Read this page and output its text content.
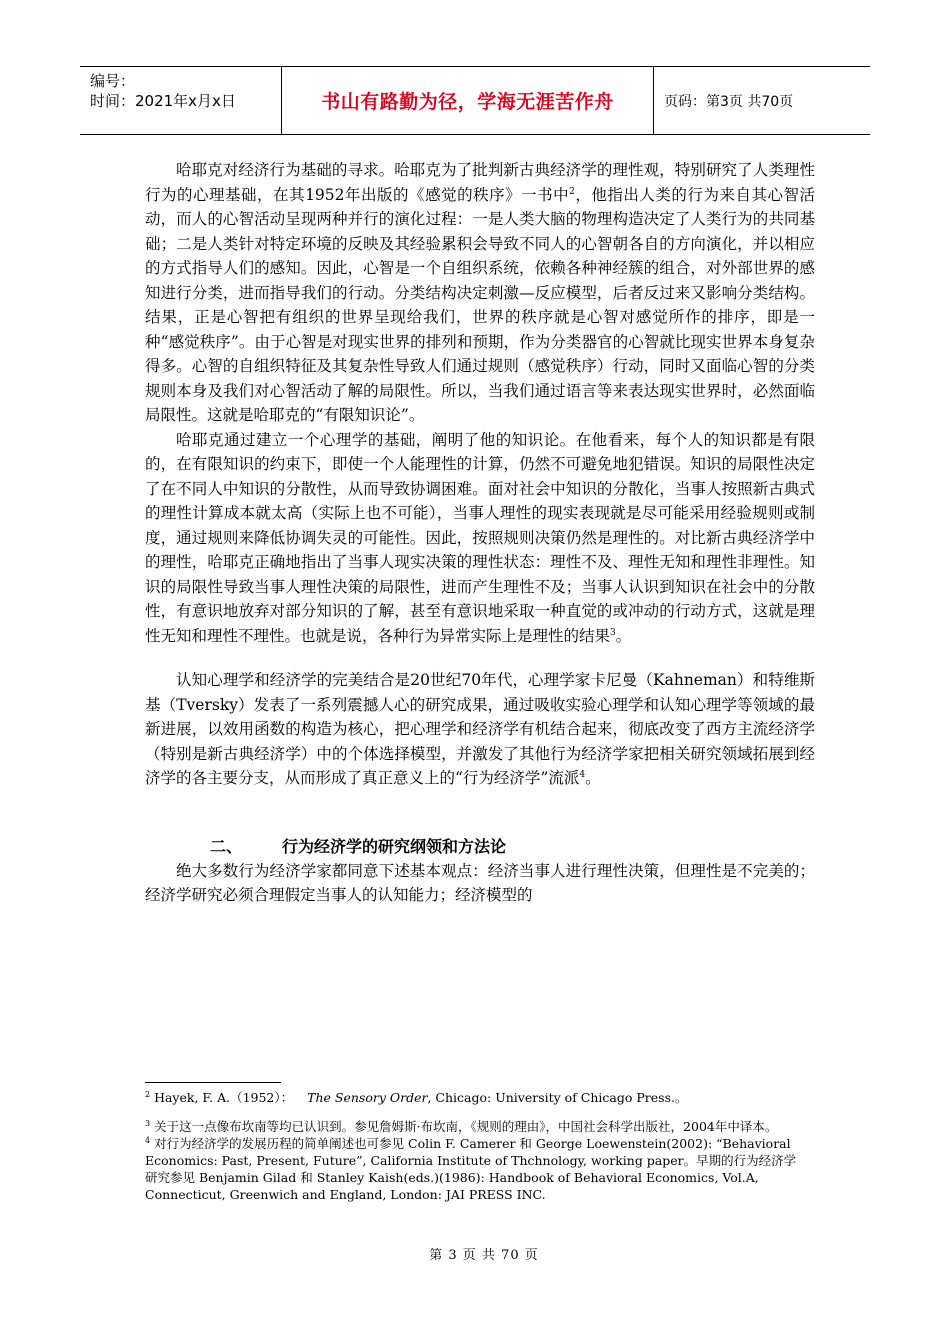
编号：
时间：2021年x月x日	书山有路勤为径，学海无涯苦作舟	页码：第3页 共70页

哈耶克对经济行为基础的寻求。哈耶克为了批判新古典经济学的理性观，特别研究了人类理性行为的心理基础，在其1952年出版的《感觉的秩序》一书中$^2$，他指出人类的行为来自其心智活动，而人的心智活动呈现两种并行的演化过程：一是人类大脑的物理构造决定了人类行为的共同基础；二是人类针对特定环境的反映及其经验累积会导致不同人的心智朝各自的方向演化，并以相应的方式指导人们的感知。因此，心智是一个自组织系统，依赖各种神经簇的组合，对外部世界的感知进行分类，进而指导我们的行动。分类结构决定刺激—反应模型，后者反过来又影响分类结构。结果，正是心智把有组织的世界呈现给我们，世界的秩序就是心智对感觉所作的排序，即是一种“感觉秩序”。由于心智是对现实世界的排列和预期，作为分类器官的心智就比现实世界本身复杂得多。心智的自组织特征及其复杂性导致人们通过规则（感觉秩序）行动，同时又面临心智的分类规则本身及我们对心智活动了解的局限性。所以，当我们通过语言等来表达现实世界时，必然面临局限性。这就是哈耶克的“有限知识论”。

哈耶克通过建立一个心理学的基础，阐明了他的知识论。在他看来，每个人的知识都是有限的，在有限知识的约束下，即使一个人能理性的计算，仍然不可避免地犯错误。知识的局限性决定了在不同人中知识的分散性，从而导致协调困难。面对社会中知识的分散化，当事人按照新古典式的理性计算成本就太高（实际上也不可能），当事人理性的现实表现就是尽可能采用经验规则或制度，通过规则来降低协调失灵的可能性。因此，按照规则决策仍然是理性的。对比新古典经济学中的理性，哈耶克正确地指出了当事人现实决策的理性状态：理性不及、理性无知和理性非理性。知识的局限性导致当事人理性决策的局限性，进而产生理性不及；当事人认识到知识在社会中的分散性，有意识地放弃对部分知识的了解，甚至有意识地采取一种直觉的或冲动的行动方式，这就是理性无知和理性不理性。也就是说，各种行为异常实际上是理性的结果$^3$。

认知心理学和经济学的完美结合是20世纪70年代，心理学家卡尼曼（Kahneman）和特维斯基（Tversky）发表了一系列震撼人心的研究成果，通过吸收实验心理学和认知心理学等领域的最新进展，以效用函数的构造为核心，把心理学和经济学有机结合起来，彻底改变了西方主流经济学（特别是新古典经济学）中的个体选择模型，并激发了其他行为经济学家把相关研究领域拓展到经济学的各主要分支，从而形成了真正意义上的“行为经济学”流派$^4$。

二、	行为经济学的研究纲领和方法论

绝大多数行为经济学家都同意下述基本观点：经济当事人进行理性决策，但理性是不完美的；经济学研究必须合理假定当事人的认知能力；经济模型的

$^2$ Hayek, F. A.（1952）： The Sensory Order, Chicago: University of Chicago Press.。

$^3$ 关于这一点像布坎南等均已认识到。参见詹姆斯·布坎南，《规则的理由》，中国社会科学出版社，2004年中译本。

$^4$ 对行为经济学的发展历程的简单阐述也可参见 Colin F. Camerer 和 George Loewenstein(2002): “Behavioral Economics: Past, Present, Future”, California Institute of Thchnology, working paper。早期的行为经济学研究参见 Benjamin Gilad 和 Stanley Kaish(eds.)(1986): Handbook of Behavioral Economics, Vol.A, Connecticut, Greenwich and England, London: JAI PRESS INC.

第 3 页 共 70 页
